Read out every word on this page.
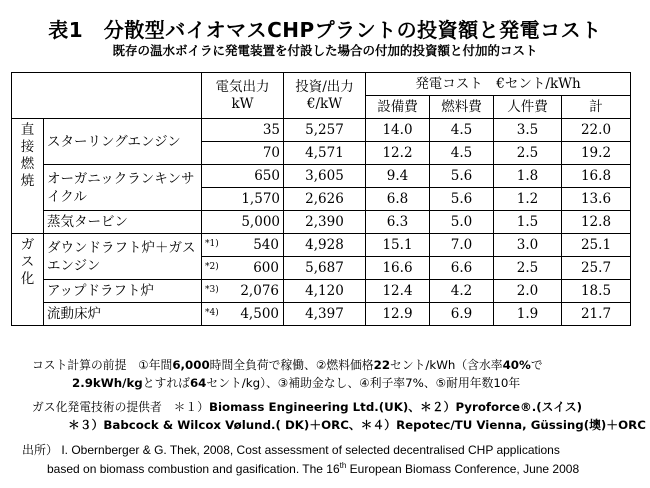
表1　分散型バイオマスCHPプラントの投資額と発電コスト
既存の温水ボイラに発電装置を付設した場合の付加的投資額と付加的コスト
		電気出力 kW	投資/出力 €/kW	発電コスト　€セント/kWh			
				設備費	燃料費	人件費	計

直接燃焼	スターリングエンジン	35	5,257	14.0	4.5	3.5	22.0
		70	4,571	12.2	4.5	2.5	19.2
	オーガニックランキンサイクル	650	3,605	9.4	5.6	1.8	16.8
		1,570	2,626	6.8	5.6	1.2	13.6
	蒸気タービン	5,000	2,390	6.3	5.0	1.5	12.8

ガス化	ダウンドラフト炉＋ガスエンジン	*1) 540	4,928	15.1	7.0	3.0	25.1

		*2) 600	5,687	16.6	6.6	2.5	25.7
	アップドラフト炉	*3) 2,076	4,120	12.4	4.2	2.0	18.5
	流動床炉	*4) 4,500	4,397	12.9	6.9	1.9	21.7
コスト計算の前提　①年間6,000時間全負荷で稼働、②燃料価格22セント/kWh（含水率40%で
2.9kWh/kgとすれば64セント/kg）、③補助金なし、④利子率7%、⑤耐用年数10年
ガス化発電技術の提供者　＊１）Biomass Engineering Ltd.(UK)、＊２）Pyroforce®.(スイス)
＊３）Babcock & Wilcox Vølund.( DK)＋ORC、＊４）Repotec/TU Vienna, Güssing(墺)＋ORC
出所） I. Obernberger & G. Thek, 2008, Cost assessment of selected decentralised CHP applications
based on biomass combustion and gasification. The 16th European Biomass Conference, June 2008
